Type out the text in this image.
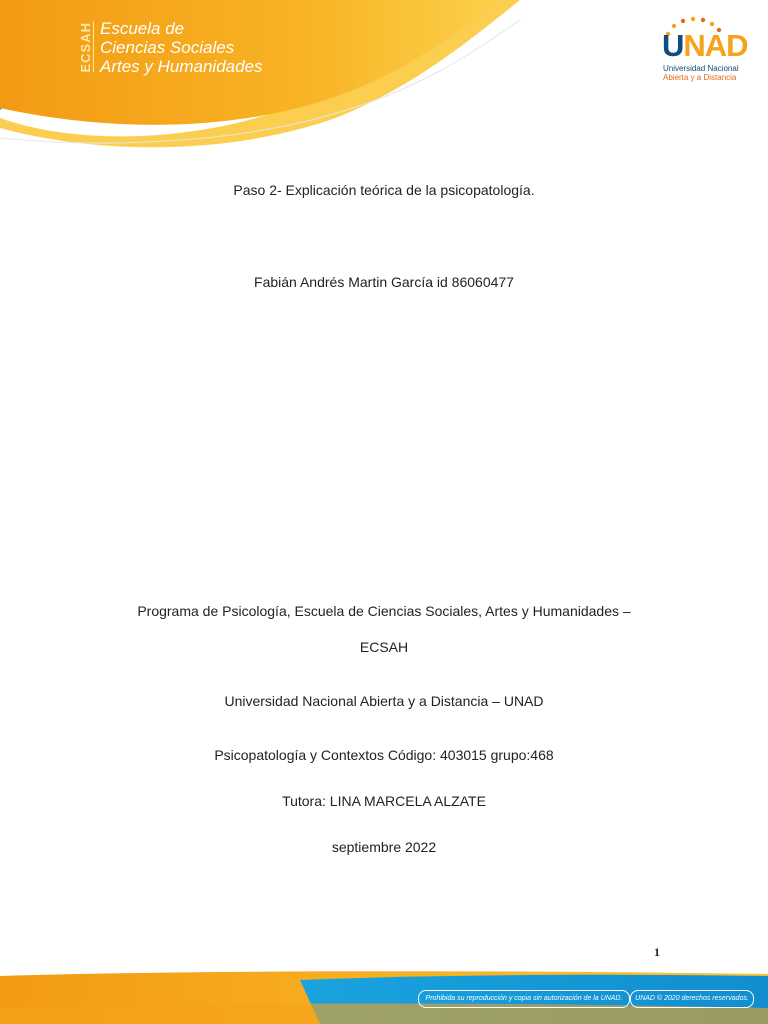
ECSAH Escuela de
Ciencias Sociales
Artes y Humanidades
UNAD
Universidad Nacional
Abierta y a Distancia
Paso 2- Explicación teórica de la psicopatología.
Fabián Andrés Martin García id 86060477
Programa de Psicología, Escuela de Ciencias Sociales, Artes y Humanidades –
ECSAH
Universidad Nacional Abierta y a Distancia – UNAD
Psicopatología y Contextos Código: 403015 grupo:468
Tutora: LINA MARCELA ALZATE
septiembre 2022
1
Prohibida su reproducción y copia sin autorización de la UNAD.	UNAD © 2020 derechos reservados.
